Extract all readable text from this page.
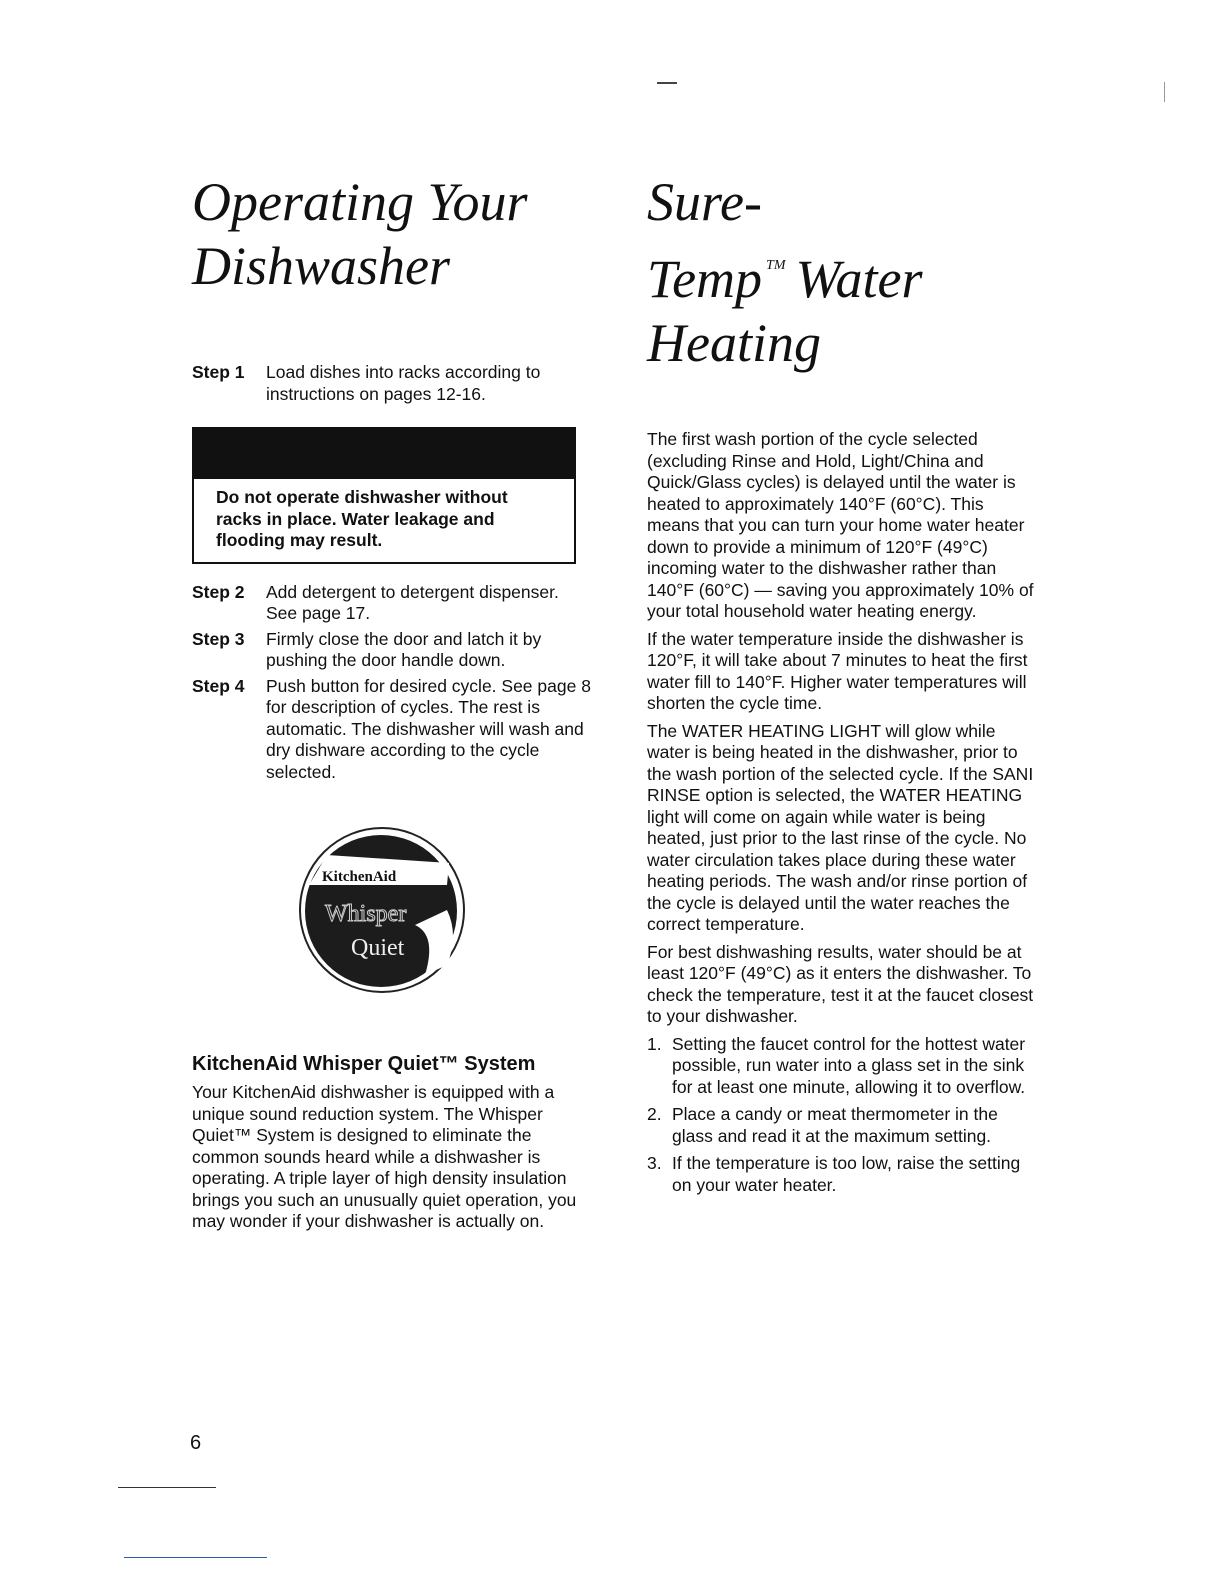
Operating Your
Dishwasher
Step 1	Load dishes into racks according to instructions on pages 12-16.
Do not operate dishwasher without racks in place. Water leakage and flooding may result.
Step 2	Add detergent to detergent dispenser. See page 17.
Step 3	Firmly close the door and latch it by pushing the door handle down.
Step 4	Push button for desired cycle. See page 8 for description of cycles. The rest is automatic. The dishwasher will wash and dry dishware according to the cycle selected.
KitchenAid
Whisper
Quiet
KitchenAid Whisper Quiet™ System

Your KitchenAid dishwasher is equipped with a unique sound reduction system. The Whisper Quiet™ System is designed to eliminate the common sounds heard while a dishwasher is operating. A triple layer of high density insulation brings you such an unusually quiet operation, you may wonder if your dishwasher is actually on.

Sure-Temp ™ Water
Heating

The first wash portion of the cycle selected (excluding Rinse and Hold, Light/China and Quick/Glass cycles) is delayed until the water is heated to approximately 140°F (60°C). This means that you can turn your home water heater down to provide a minimum of 120°F (49°C) incoming water to the dishwasher rather than 140°F (60°C) — saving you approximately 10% of your total household water heating energy.

If the water temperature inside the dishwasher is 120°F, it will take about 7 minutes to heat the first water fill to 140°F. Higher water temperatures will shorten the cycle time.

The WATER HEATING LIGHT will glow while water is being heated in the dishwasher, prior to the wash portion of the selected cycle. If the SANI RINSE option is selected, the WATER HEATING light will come on again while water is being heated, just prior to the last rinse of the cycle. No water circulation takes place during these water heating periods. The wash and/or rinse portion of the cycle is delayed until the water reaches the correct temperature.

For best dishwashing results, water should be at least 120°F (49°C) as it enters the dishwasher. To check the temperature, test it at the faucet closest to your dishwasher.

1. Setting the faucet control for the hottest water possible, run water into a glass set in the sink for at least one minute, allowing it to overflow.
2. Place a candy or meat thermometer in the glass and read it at the maximum setting.
3. If the temperature is too low, raise the setting on your water heater.
6
